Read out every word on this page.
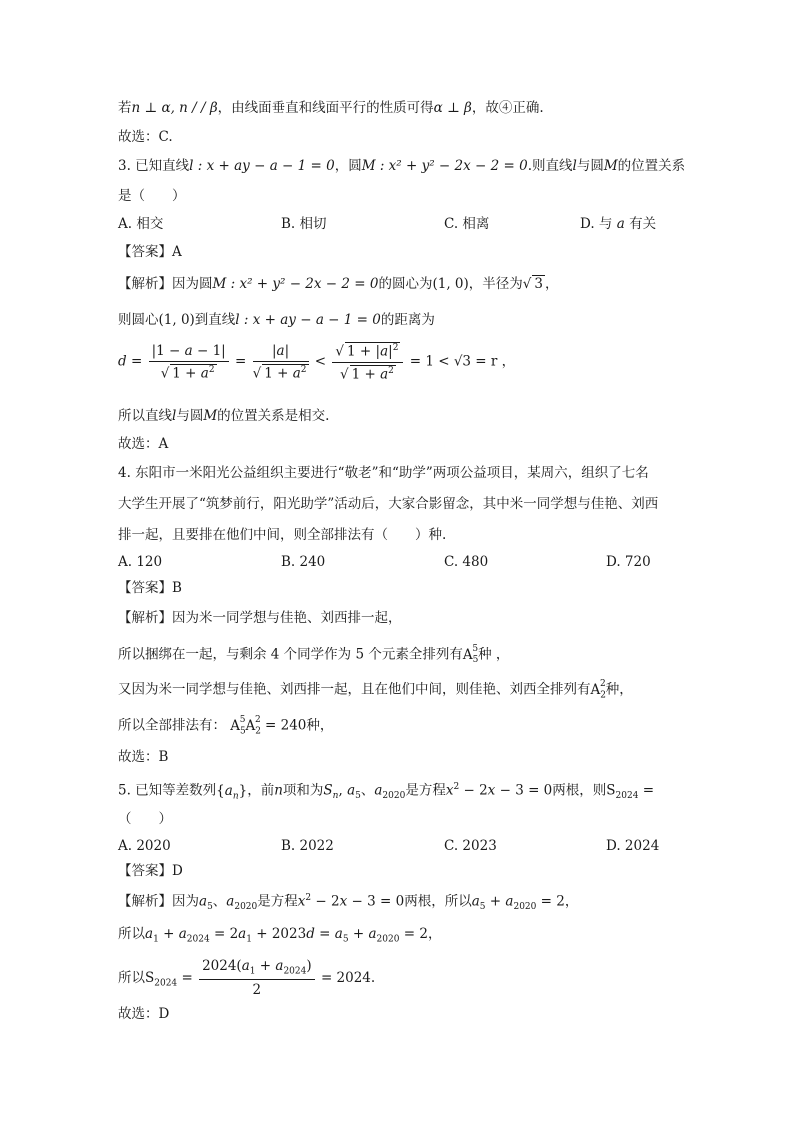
若n ⊥ α, n / / β，由线面垂直和线面平行的性质可得α ⊥ β，故④正确.
故选：C.
3. 已知直线l : x + ay − a − 1 = 0，圆M : x² + y² − 2x − 2 = 0.则直线l与圆M的位置关系
是（　　）
A. 相交	B. 相切	C. 相离	D. 与 a 有关
【答案】A
【解析】因为圆M : x² + y² − 2x − 2 = 0的圆心为(1, 0)，半径为√ 3 ，
则圆心(1, 0)到直线l : x + ay − a − 1 = 0的距离为
$d = \frac{|1 - a - 1|}{√ 1 + a^2} = \frac{|a|}{√ 1 + a^2} < \frac{√ 1 + |a|^2}{√ 1 + a^2} = 1 < √3 = r$ ，
所以直线l与圆M的位置关系是相交.
故选：A
4. 东阳市一米阳光公益组织主要进行“敬老”和“助学”两项公益项目，某周六，组织了七名
大学生开展了“筑梦前行，阳光助学”活动后，大家合影留念，其中米一同学想与佳艳、刘西
排一起，且要排在他们中间，则全部排法有（　　）种.
A. 120	B. 240	C. 480	D. 720
【答案】B
【解析】因为米一同学想与佳艳、刘西排一起，
所以捆绑在一起，与剩余 4 个同学作为 5 个元素全排列有$A_5^5$种 ，
又因为米一同学想与佳艳、刘西排一起，且在他们中间，则佳艳、刘西全排列有$A_2^2$种，
所以全部排法有： $A_5^5A_2^2 = 240$种，
故选：B
5. 已知等差数列$\{a_n\}$，前n项和为$S_n$, $a_5$、$a_{2020}$是方程$x^2 - 2x - 3 = 0$两根，则$S_{2024}$ =
（　　）
A. 2020	B. 2022	C. 2023	D. 2024
【答案】D
【解析】因为$a_5$、$a_{2020}$是方程$x^2 - 2x - 3 = 0$两根，所以$a_5 + a_{2020} = 2$，
所以$a_1 + a_{2024} = 2a_1 + 2023d = a_5 + a_{2020} = 2$，
所以$S_{2024} = \frac{2024(a_1 + a_{2024})}{2} = 2024$.
故选：D
